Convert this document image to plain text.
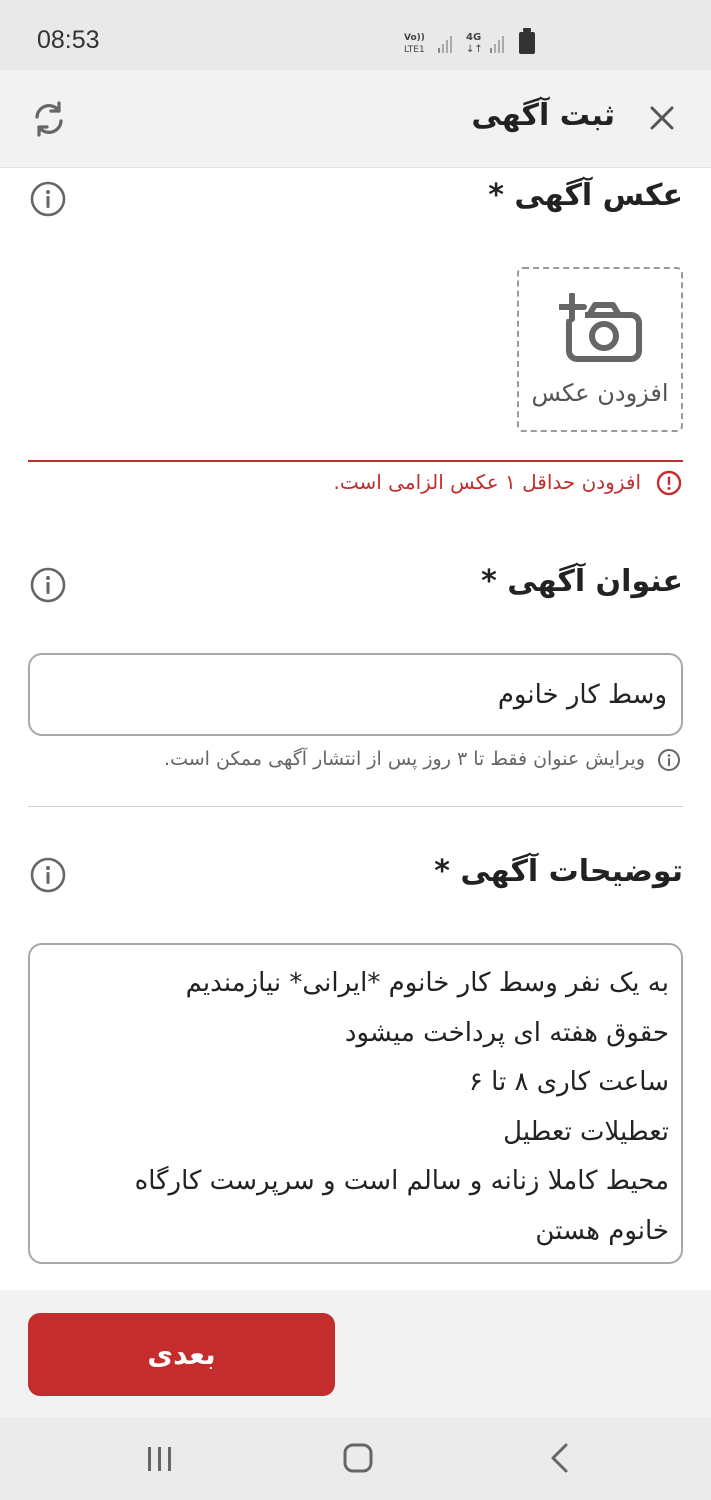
08:53	Vo))
LTE1
4G
↓↑
ثبت آگهی
عکس آگهی *
افزودن عکس
افزودن حداقل ۱ عکس الزامی است.
عنوان آگهی *
وسط کار خانوم
ویرایش عنوان فقط تا ۳ روز پس از انتشار آگهی ممکن است.
توضیحات آگهی *
به یک نفر وسط کار خانوم *ایرانی* نیازمندیم
حقوق هفته ای پرداخت میشود
ساعت کاری ۸ تا ۶
تعطیلات تعطیل
محیط کاملا زنانه و سالم است و سرپرست کارگاه
خانوم هستن
بعدی
